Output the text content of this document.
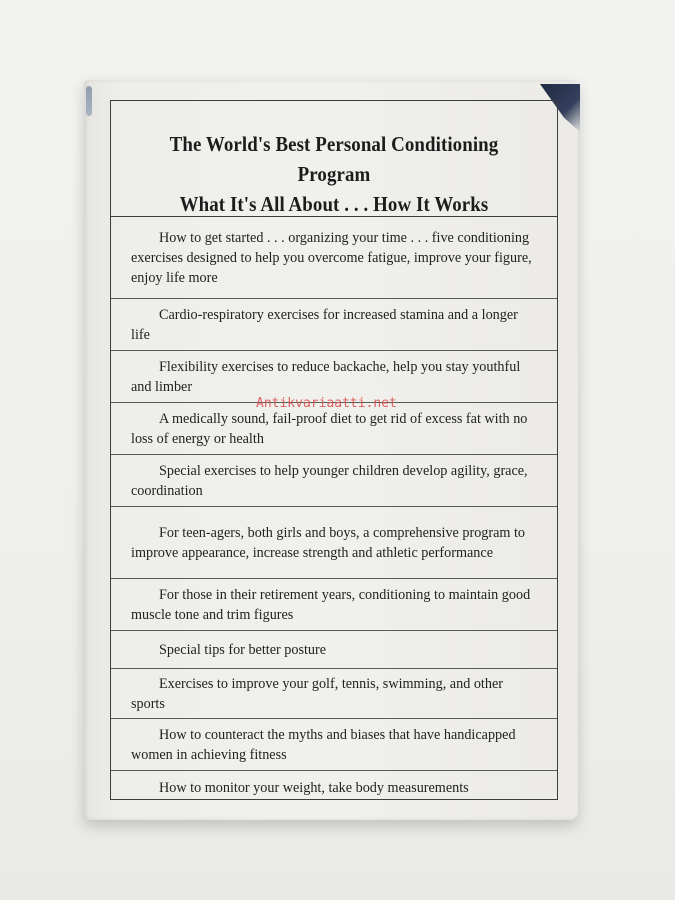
The World's Best Personal Conditioning Program
What It's All About . . . How It Works
How to get started . . . organizing your time . . . five conditioning exercises designed to help you overcome fatigue, improve your figure, enjoy life more
Cardio-respiratory exercises for increased stamina and a longer life
Flexibility exercises to reduce backache, help you stay youthful and limber
A medically sound, fail-proof diet to get rid of excess fat with no loss of energy or health
Special exercises to help younger children develop agility, grace, coordination
For teen-agers, both girls and boys, a comprehensive program to improve appearance, increase strength and athletic performance
For those in their retirement years, conditioning to maintain good muscle tone and trim figures
Special tips for better posture
Exercises to improve your golf, tennis, swimming, and other sports
How to counteract the myths and biases that have handicapped women in achieving fitness
How to monitor your weight, take body measurements
Antikvariaatti.net
